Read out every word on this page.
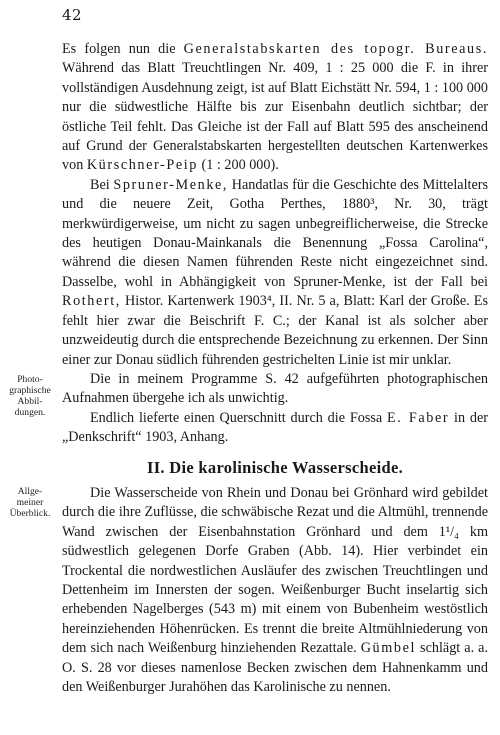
42
Photo-
graphische
Abbil-
dungen.
Allge-
meiner
Überblick.

Es folgen nun die Generalstabskarten des topogr. Bureaus. Während das Blatt Treuchtlingen Nr. 409, 1 : 25 000 die F. in ihrer vollständigen Ausdehnung zeigt, ist auf Blatt Eichstätt Nr. 594, 1 : 100 000 nur die südwestliche Hälfte bis zur Eisenbahn deutlich sichtbar; der östliche Teil fehlt. Das Gleiche ist der Fall auf Blatt 595 des anscheinend auf Grund der Generalstabskarten hergestellten deutschen Kartenwerkes von Kürschner-Peip (1 : 200 000).

Bei Spruner-Menke, Handatlas für die Geschichte des Mittelalters und die neuere Zeit, Gotha Perthes, 1880³, Nr. 30, trägt merkwürdigerweise, um nicht zu sagen unbegreiflicherweise, die Strecke des heutigen Donau-Mainkanals die Benennung „Fossa Carolina“, während die diesen Namen führenden Reste nicht eingezeichnet sind. Dasselbe, wohl in Abhängigkeit von Spruner-Menke, ist der Fall bei Rothert, Histor. Kartenwerk 1903⁴, II. Nr. 5 a, Blatt: Karl der Große. Es fehlt hier zwar die Beischrift F. C.; der Kanal ist als solcher aber unzweideutig durch die entsprechende Bezeichnung zu erkennen. Der Sinn einer zur Donau südlich führenden gestrichelten Linie ist mir unklar.

Die in meinem Programme S. 42 aufgeführten photographischen Aufnahmen übergehe ich als unwichtig.

Endlich lieferte einen Querschnitt durch die Fossa E. Faber in der „Denkschrift“ 1903, Anhang.

II. Die karolinische Wasserscheide.

Die Wasserscheide von Rhein und Donau bei Grönhard wird gebildet durch die ihre Zuflüsse, die schwäbische Rezat und die Altmühl, trennende Wand zwischen der Eisenbahnstation Grönhard und dem 1¹/₄ km südwestlich gelegenen Dorfe Graben (Abb. 14). Hier verbindet ein Trockental die nordwestlichen Ausläufer des zwischen Treuchtlingen und Dettenheim im Innersten der sogen. Weißenburger Bucht inselartig sich erhebenden Nagelberges (543 m) mit einem von Bubenheim westöstlich hereinziehenden Höhenrücken. Es trennt die breite Altmühlniederung von dem sich nach Weißenburg hinziehenden Rezattale. Gümbel schlägt a. a. O. S. 28 vor dieses namenlose Becken zwischen dem Hahnenkamm und den Weißenburger Jurahöhen das Karolinische zu nennen.
